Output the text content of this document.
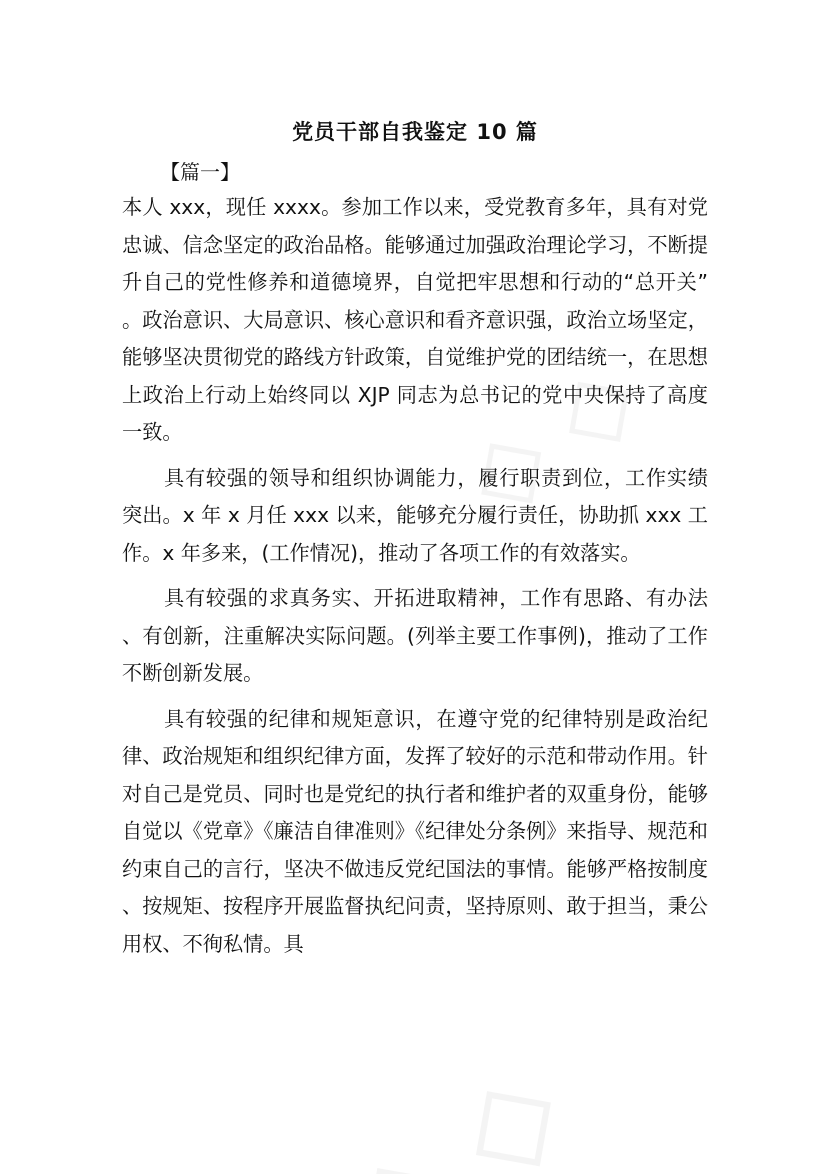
党员干部自我鉴定 10 篇
【篇一】

本人 xxx，现任 xxxx。参加工作以来，受党教育多年，具有对党忠诚、信念坚定的政治品格。能够通过加强政治理论学习，不断提升自己的党性修养和道德境界，自觉把牢思想和行动的“总开关”。政治意识、大局意识、核心意识和看齐意识强，政治立场坚定，能够坚决贯彻党的路线方针政策，自觉维护党的团结统一，在思想上政治上行动上始终同以 XJP 同志为总书记的党中央保持了高度一致。

具有较强的领导和组织协调能力，履行职责到位，工作实绩突出。x 年 x 月任 xxx 以来，能够充分履行责任，协助抓 xxx 工作。x 年多来，(工作情况)，推动了各项工作的有效落实。

具有较强的求真务实、开拓进取精神，工作有思路、有办法、有创新，注重解决实际问题。(列举主要工作事例)，推动了工作不断创新发展。

具有较强的纪律和规矩意识，在遵守党的纪律特别是政治纪律、政治规矩和组织纪律方面，发挥了较好的示范和带动作用。针对自己是党员、同时也是党纪的执行者和维护者的双重身份，能够自觉以《党章》《廉洁自律准则》《纪律处分条例》来指导、规范和约束自己的言行，坚决不做违反党纪国法的事情。能够严格按制度、按规矩、按程序开展监督执纪问责，坚持原则、敢于担当，秉公用权、不徇私情。具
